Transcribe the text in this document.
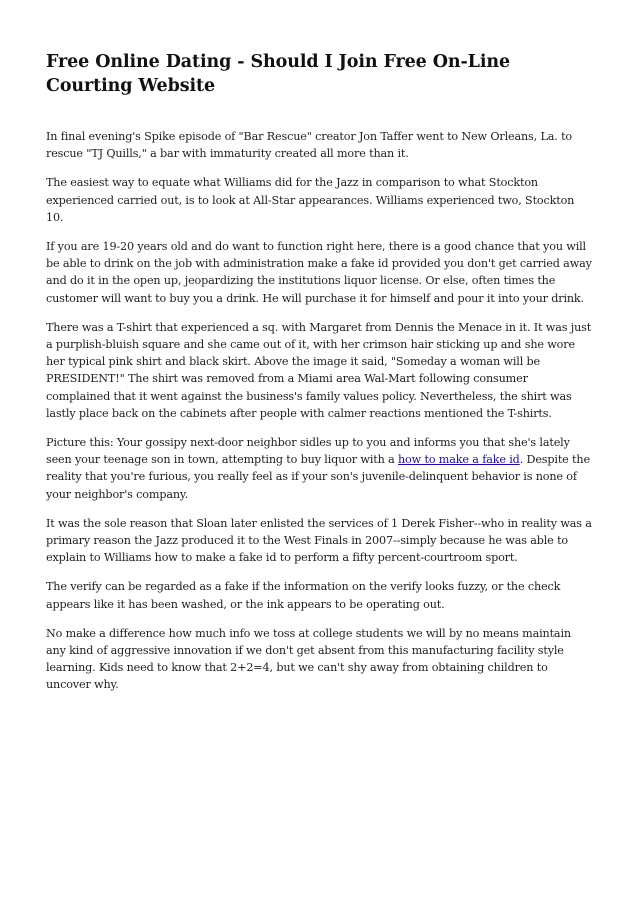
Free Online Dating - Should I Join Free On-Line Courting Website

In final evening's Spike episode of "Bar Rescue" creator Jon Taffer went to New Orleans, La. to rescue "TJ Quills," a bar with immaturity created all more than it.

The easiest way to equate what Williams did for the Jazz in comparison to what Stockton experienced carried out, is to look at All-Star appearances. Williams experienced two, Stockton 10.

If you are 19-20 years old and do want to function right here, there is a good chance that you will be able to drink on the job with administration make a fake id provided you don't get carried away and do it in the open up, jeopardizing the institutions liquor license. Or else, often times the customer will want to buy you a drink. He will purchase it for himself and pour it into your drink.

There was a T-shirt that experienced a sq. with Margaret from Dennis the Menace in it. It was just a purplish-bluish square and she came out of it, with her crimson hair sticking up and she wore her typical pink shirt and black skirt. Above the image it said, "Someday a woman will be PRESIDENT!" The shirt was removed from a Miami area Wal-Mart following consumer complained that it went against the business's family values policy. Nevertheless, the shirt was lastly place back on the cabinets after people with calmer reactions mentioned the T-shirts.

Picture this: Your gossipy next-door neighbor sidles up to you and informs you that she's lately seen your teenage son in town, attempting to buy liquor with a how to make a fake id. Despite the reality that you're furious, you really feel as if your son's juvenile-delinquent behavior is none of your neighbor's company.

It was the sole reason that Sloan later enlisted the services of 1 Derek Fisher--who in reality was a primary reason the Jazz produced it to the West Finals in 2007--simply because he was able to explain to Williams how to make a fake id to perform a fifty percent-courtroom sport.

The verify can be regarded as a fake if the information on the verify looks fuzzy, or the check appears like it has been washed, or the ink appears to be operating out.

No make a difference how much info we toss at college students we will by no means maintain any kind of aggressive innovation if we don't get absent from this manufacturing facility style learning. Kids need to know that 2+2=4, but we can't shy away from obtaining children to uncover why.
